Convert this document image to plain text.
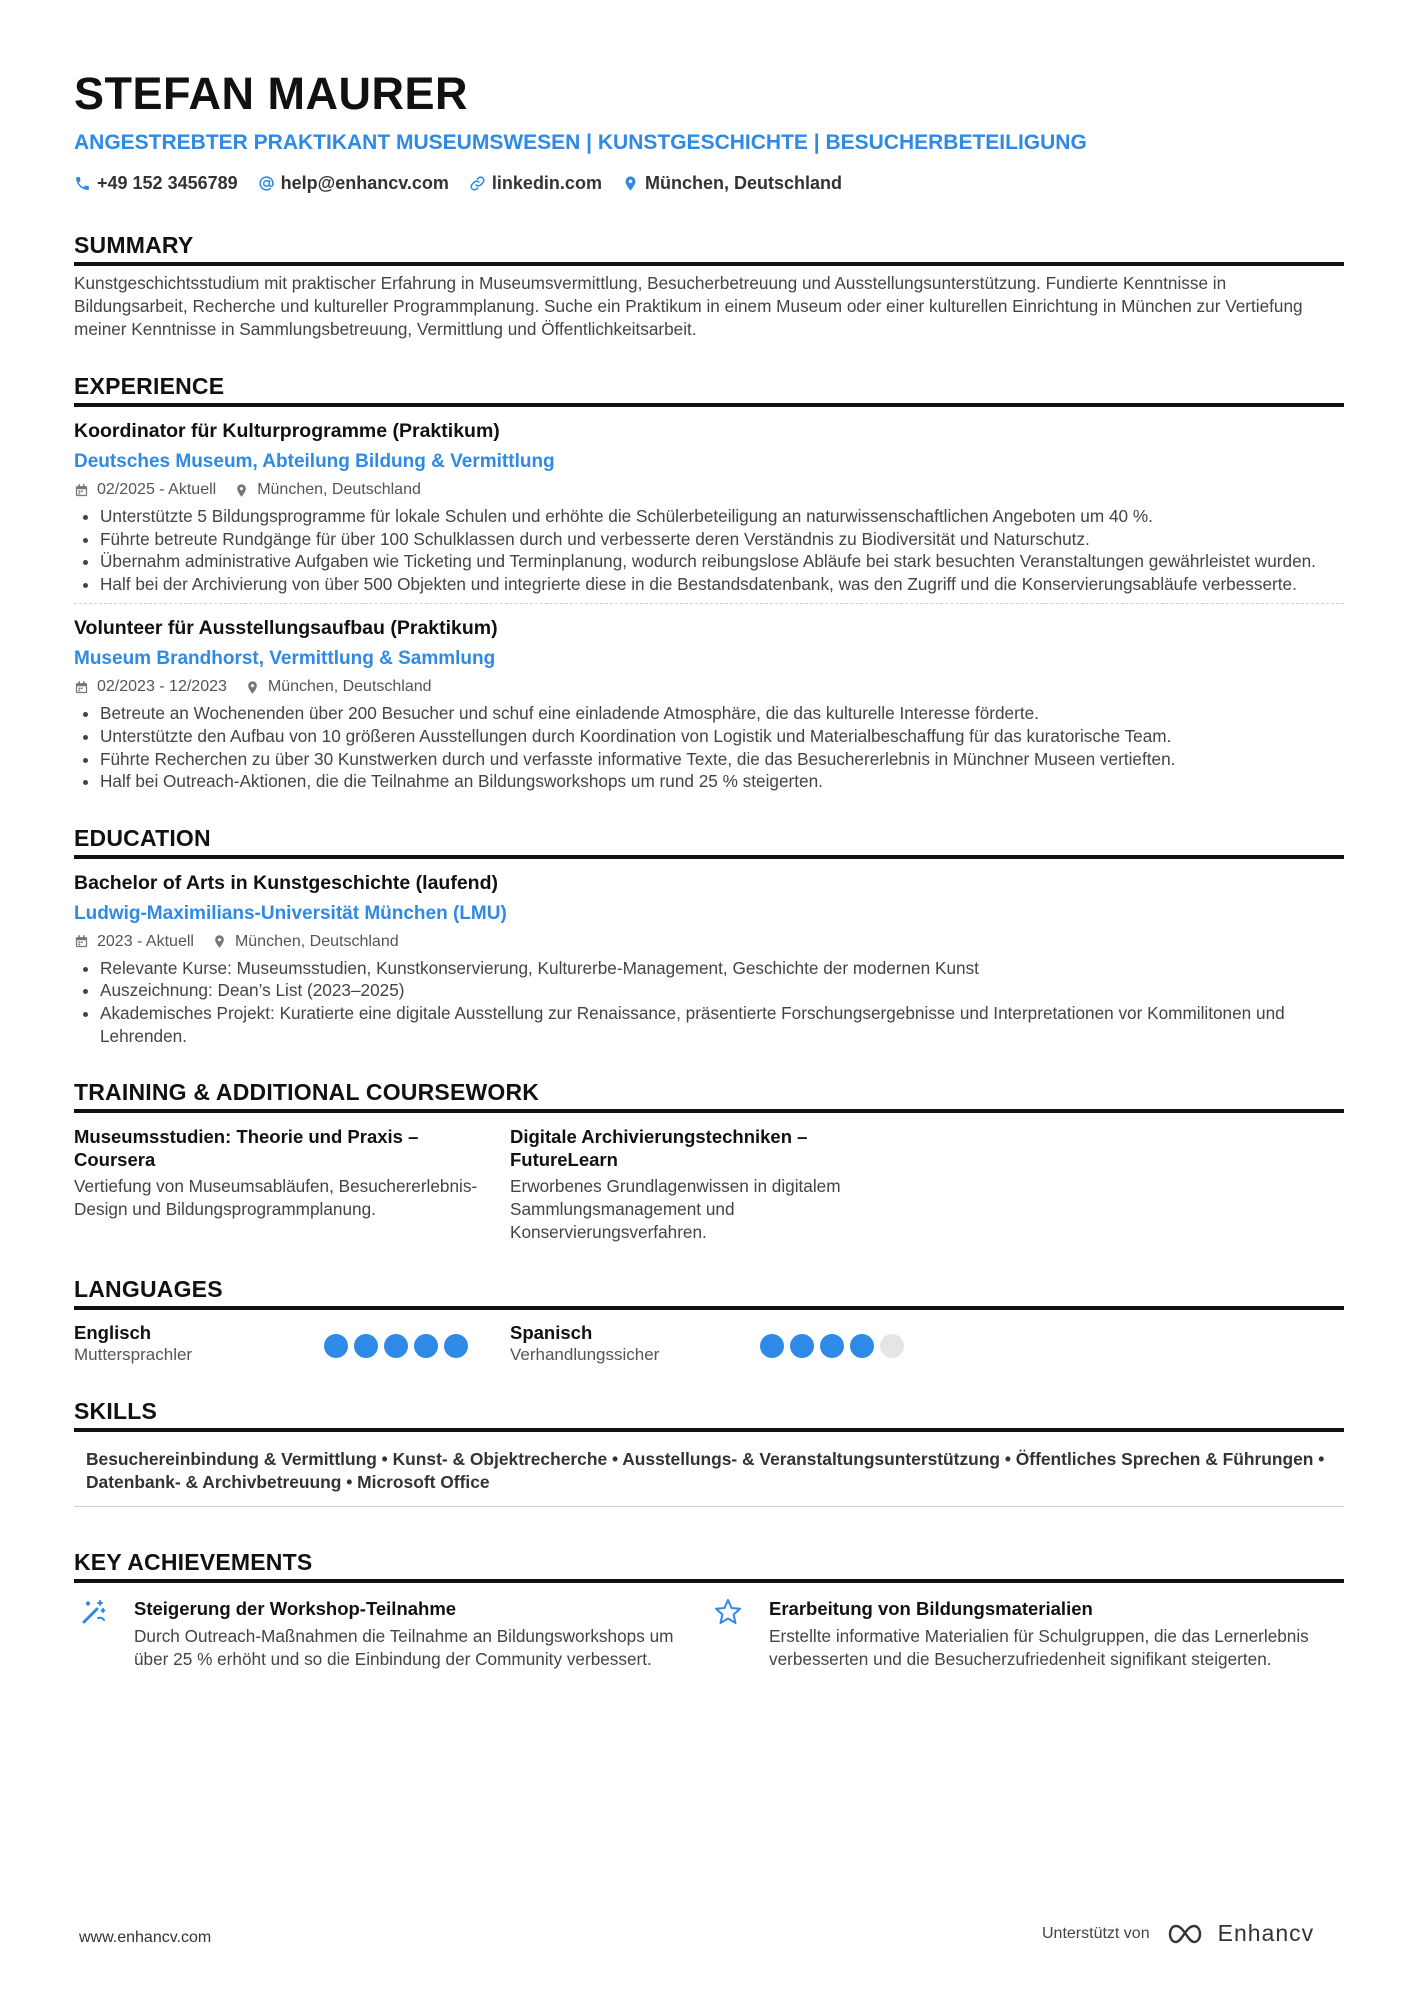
STEFAN MAURER
ANGESTREBTER PRAKTIKANT MUSEUMSWESEN | KUNSTGESCHICHTE | BESUCHERBETEILIGUNG
+49 152 3456789 help@enhancv.com linkedin.com München, Deutschland
SUMMARY
Kunstgeschichtsstudium mit praktischer Erfahrung in Museumsvermittlung, Besucherbetreuung und Ausstellungsunterstützung. Fundierte Kenntnisse in Bildungsarbeit, Recherche und kultureller Programmplanung. Suche ein Praktikum in einem Museum oder einer kulturellen Einrichtung in München zur Vertiefung meiner Kenntnisse in Sammlungsbetreuung, Vermittlung und Öffentlichkeitsarbeit.
EXPERIENCE
Koordinator für Kulturprogramme (Praktikum)
Deutsches Museum, Abteilung Bildung & Vermittlung
02/2025 - Aktuell	München, Deutschland
• Unterstützte 5 Bildungsprogramme für lokale Schulen und erhöhte die Schülerbeteiligung an naturwissenschaftlichen Angeboten um 40 %.
• Führte betreute Rundgänge für über 100 Schulklassen durch und verbesserte deren Verständnis zu Biodiversität und Naturschutz.
• Übernahm administrative Aufgaben wie Ticketing und Terminplanung, wodurch reibungslose Abläufe bei stark besuchten Veranstaltungen gewährleistet wurden.
• Half bei der Archivierung von über 500 Objekten und integrierte diese in die Bestandsdatenbank, was den Zugriff und die Konservierungsabläufe verbesserte.
Volunteer für Ausstellungsaufbau (Praktikum)
Museum Brandhorst, Vermittlung & Sammlung
02/2023 - 12/2023	München, Deutschland
• Betreute an Wochenenden über 200 Besucher und schuf eine einladende Atmosphäre, die das kulturelle Interesse förderte.
• Unterstützte den Aufbau von 10 größeren Ausstellungen durch Koordination von Logistik und Materialbeschaffung für das kuratorische Team.
• Führte Recherchen zu über 30 Kunstwerken durch und verfasste informative Texte, die das Besuchererlebnis in Münchner Museen vertieften.
• Half bei Outreach-Aktionen, die die Teilnahme an Bildungsworkshops um rund 25 % steigerten.
EDUCATION
Bachelor of Arts in Kunstgeschichte (laufend)
Ludwig-Maximilians-Universität München (LMU)
2023 - Aktuell	München, Deutschland
• Relevante Kurse: Museumsstudien, Kunstkonservierung, Kulturerbe-Management, Geschichte der modernen Kunst
• Auszeichnung: Dean’s List (2023–2025)
• Akademisches Projekt: Kuratierte eine digitale Ausstellung zur Renaissance, präsentierte Forschungsergebnisse und Interpretationen vor Kommilitonen und Lehrenden.
TRAINING & ADDITIONAL COURSEWORK
Museumsstudien: Theorie und Praxis – Coursera
Vertiefung von Museumsabläufen, Besuchererlebnis-Design und Bildungsprogrammplanung.
Digitale Archivierungstechniken – FutureLearn
Erworbenes Grundlagenwissen in digitalem Sammlungsmanagement und Konservierungsverfahren.
LANGUAGES
Englisch
Muttersprachler
Spanisch
Verhandlungssicher
SKILLS
Besuchereinbindung & Vermittlung • Kunst- & Objektrecherche • Ausstellungs- & Veranstaltungsunterstützung • Öffentliches Sprechen & Führungen • Datenbank- & Archivbetreuung • Microsoft Office
KEY ACHIEVEMENTS
Steigerung der Workshop-Teilnahme
Durch Outreach-Maßnahmen die Teilnahme an Bildungsworkshops um über 25 % erhöht und so die Einbindung der Community verbessert.
Erarbeitung von Bildungsmaterialien
Erstellte informative Materialien für Schulgruppen, die das Lernerlebnis verbesserten und die Besucherzufriedenheit signifikant steigerten.
www.enhancv.com	Unterstützt von	Enhancv
